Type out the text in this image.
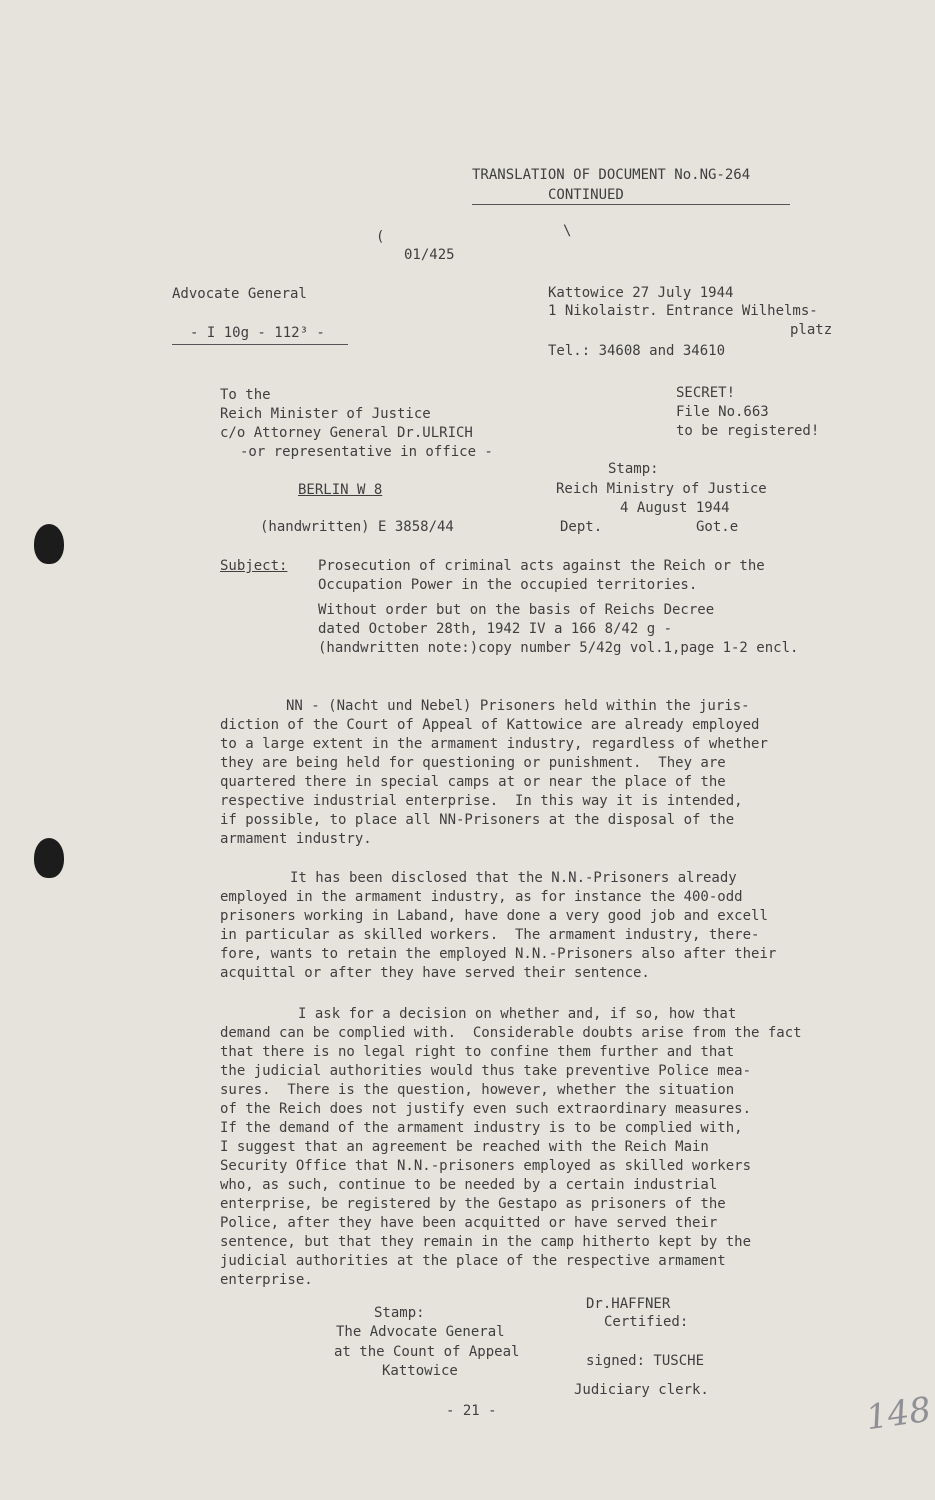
TRANSLATION OF DOCUMENT No.NG-264
CONTINUED
(	\
01/425
Advocate General
- I 10g - 112³ -
Kattowice 27 July 1944
1 Nikolaistr. Entrance Wilhelms-
platz
Tel.: 34608 and 34610
To the
Reich Minister of Justice
c/o Attorney General Dr.ULRICH
-or representative in office -
BERLIN W 8
(handwritten) E 3858/44
SECRET!
File No.663
to be registered!
Stamp:
Reich Ministry of Justice
4 August 1944
Dept.	Got.e
Subject: Prosecution of criminal acts against the Reich or the
Occupation Power in the occupied territories.
Without order but on the basis of Reichs Decree
dated October 28th, 1942 IV a 166 8/42 g -
(handwritten note:)copy number 5/42g vol.1,page 1-2 encl.
NN - (Nacht und Nebel) Prisoners held within the juris-
diction of the Court of Appeal of Kattowice are already employed
to a large extent in the armament industry, regardless of whether
they are being held for questioning or punishment.  They are
quartered there in special camps at or near the place of the
respective industrial enterprise.  In this way it is intended,
if possible, to place all NN-Prisoners at the disposal of the
armament industry.
It has been disclosed that the N.N.-Prisoners already
employed in the armament industry, as for instance the 400-odd
prisoners working in Laband, have done a very good job and excell
in particular as skilled workers.  The armament industry, there-
fore, wants to retain the employed N.N.-Prisoners also after their
acquittal or after they have served their sentence.
I ask for a decision on whether and, if so, how that
demand can be complied with.  Considerable doubts arise from the fact
that there is no legal right to confine them further and that
the judicial authorities would thus take preventive Police mea-
sures.  There is the question, however, whether the situation
of the Reich does not justify even such extraordinary measures.
If the demand of the armament industry is to be complied with,
I suggest that an agreement be reached with the Reich Main
Security Office that N.N.-prisoners employed as skilled workers
who, as such, continue to be needed by a certain industrial
enterprise, be registered by the Gestapo as prisoners of the
Police, after they have been acquitted or have served their
sentence, but that they remain in the camp hitherto kept by the
judicial authorities at the place of the respective armament
enterprise.
Stamp:
The Advocate General
at the Count of Appeal
Kattowice
Dr.HAFFNER
Certified:
signed: TUSCHE
Judiciary clerk.
- 21 -	148
